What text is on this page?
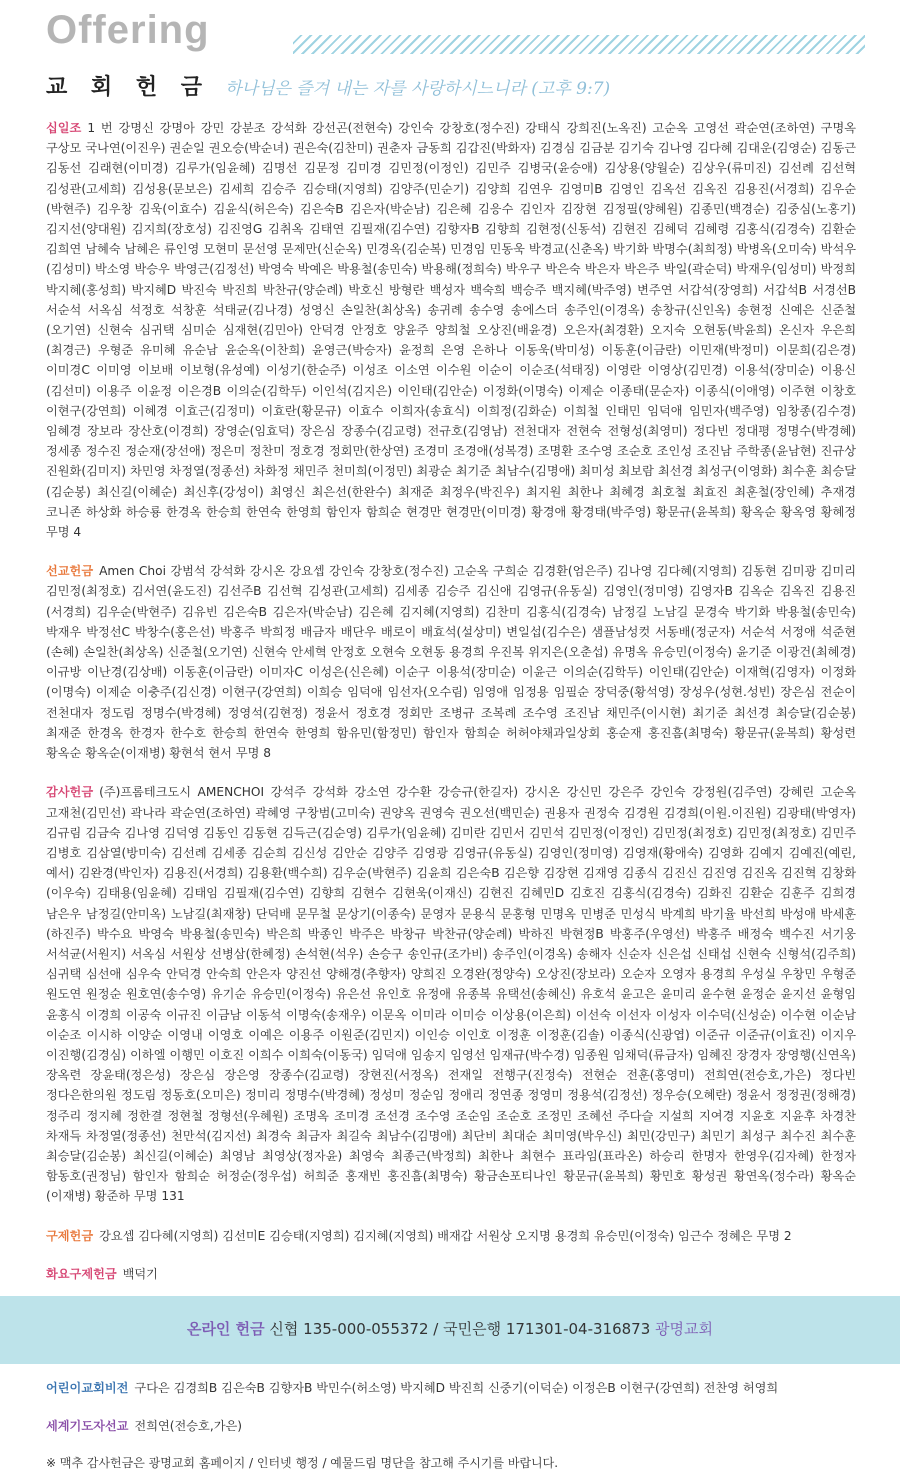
Offering
교 회 헌 금 하나님은 즐겨 내는 자를 사랑하시느니라 (고후 9:7)
십일조 1 번 강명신 강명아 강민 강분조 강석화 강선곤(전현숙) 강인숙 강창호(정수진) 강태식 강희진(노옥진) 고순옥 고영선 곽순연(조하연) 구명옥 구상모 국나연(이진우) 권순일 권오승(박순녀) 권은숙(김찬미) 권춘자 금동희 김갑진(박화자) 김경심 김금분 김기숙 김나영 김다혜 김대운(김영순) 김동근 김동선 김래현(이미경) 김루가(임윤혜) 김명선 김문정 김미경 김민정(이정인) 김민주 김병국(윤승애) 김상용(양월순) 김상우(류미진) 김선례 김선혁 김성관(고세희) 김성용(문보은) 김세희 김승주 김승태(지영희) 김양주(민순기) 김양희 김연우 김영미B 김영인 김옥선 김옥진 김용진(서경희) 김우순(박현주) 김우창 김욱(이효수) 김윤식(허은숙) 김은숙B 김은자(박순남) 김은혜 김응수 김인자 김장현 김정필(양혜원) 김종민(백경순) 김중심(노홍기) 김지선(양대원) 김지희(장호성) 김진영G 김취옥 김태연 김필재(김수연) 김향자B 김향희 김현정(신동석) 김현진 김혜덕 김혜령 김홍식(김경숙) 김환순 김희연 남혜숙 남혜은 류인영 모현미 문선영 문제만(신순옥) 민경옥(김순복) 민경임 민동욱 박경교(신춘옥) 박기화 박명수(최희정) 박병옥(오미숙) 박석우(김성미) 박소영 박승우 박영근(김정선) 박영숙 박예은 박용철(송민숙) 박용해(정희숙) 박우구 박은숙 박은자 박은주 박일(곽순덕) 박재우(임성미) 박정희 박지혜(홍성희) 박지혜D 박진숙 박진희 박찬규(양순례) 박호신 방형란 백성자 백숙희 백승주 백지혜(박주영) 변주연 서갑석(장영희) 서갑석B 서경선B 서순석 서옥심 석정호 석창훈 석태균(김나경) 성영신 손일찬(최상옥) 송귀례 송수영 송에스더 송주인(이경옥) 송창규(신인옥) 송현정 신예은 신준철(오기연) 신현숙 심귀택 심미순 심재현(김민아) 안덕경 안정호 양윤주 양희철 오상진(배윤경) 오은자(최경환) 오지숙 오현동(박윤희) 온신자 우은희(최경근) 우형준 유미혜 유순남 윤순옥(이찬희) 윤영근(박승자) 윤정희 은영 은하나 이동욱(박미성) 이동훈(이금란) 이민재(박정미) 이문희(김은경) 이미경C 이미영 이보배 이보형(유성예) 이성기(한순주) 이성조 이소연 이수원 이순이 이순조(석태징) 이영란 이영상(김민경) 이용석(장미순) 이용신(김선미) 이용주 이윤정 이은경B 이의순(김학두) 이인석(김지은) 이인태(김안순) 이정화(이명숙) 이제순 이종태(문순자) 이종식(이애영) 이주현 이창호 이현구(강연희) 이혜경 이효근(김정미) 이효란(황문규) 이효수 이희자(송효식) 이희정(김화순) 이희철 인태민 임덕애 임민자(백주영) 임창종(김수경) 임혜경 장보라 장산호(이경희) 장영순(임효덕) 장은심 장종수(김교령) 전규호(김영남) 전천대자 전현숙 전형성(최영미) 정다빈 정대평 정명수(박경혜) 정세종 정수진 정순재(장선애) 정은미 정찬미 정호경 정회만(한상연) 조경미 조경애(성복경) 조명환 조수영 조순호 조인성 조진남 주학종(윤남현) 진규상 진원화(김미지) 차민영 차정열(정종선) 차화정 채민주 천미희(이정민) 최광순 최기준 최남수(김명애) 최미성 최보람 최선경 최성구(이영화) 최수훈 최승달(김순봉) 최신길(이혜순) 최신후(강성이) 최영신 최은선(한완수) 최재준 최정우(박진우) 최지원 최한나 최혜경 최호철 최효진 최훈철(장인혜) 추재경 코니존 하상화 하승룡 한경옥 한승희 한연숙 한영희 함인자 함희순 현경만 현경만(이미경) 황경애 황경태(박주영) 황문규(윤복희) 황옥순 황옥영 황혜정 무명 4
선교헌금 Amen Choi 강범석 강석화 강시온 강요셉 강인숙 강창호(정수진) 고순옥 구희순 김경환(엄은주) 김나영 김다혜(지영희) 김동현 김미광 김미리 김민정(최정호) 김서연(윤도진) 김선주B 김선혁 김성관(고세희) 김세종 김승주 김신애 김영규(유동실) 김영인(정미영) 김영자B 김옥순 김옥진 김용진(서경희) 김우순(박현주) 김유빈 김은숙B 김은자(박순남) 김은혜 김지혜(지영희) 김찬미 김홍식(김경숙) 남정길 노남길 문경숙 박기화 박용철(송민숙) 박재우 박정선C 박창수(홍은선) 박홍주 박희정 배금자 배단우 배로이 배효석(설상미) 변일섭(김수은) 샘플남성컷 서동배(정군자) 서순석 서정애 석준현(손혜) 손일찬(최상옥) 신준철(오기연) 신현숙 안세혁 안정호 오현숙 오현동 용경희 우진복 위지은(오춘섭) 유명옥 유승민(이정숙) 윤기준 이광건(최혜경) 이규방 이난경(김상배) 이동훈(이금란) 이미자C 이성은(신은혜) 이순구 이용석(장미순) 이윤근 이의순(김학두) 이인태(김안순) 이재혁(김영자) 이정화(이명숙) 이제순 이충주(김신경) 이현구(강연희) 이희승 임덕애 임선자(오수림) 임영애 임정용 임필순 장덕중(황석영) 장성우(성현.성빈) 장은심 전순이 전천대자 정도림 정명수(박경혜) 정영석(김현정) 정윤서 정호경 정회만 조병규 조복례 조수영 조진남 채민주(이시현) 최기준 최선경 최승달(김순봉) 최재준 한경옥 한경자 한수호 한승희 한연숙 한영희 함유민(함정민) 함인자 함희순 허허야채과일상회 홍순재 홍진흠(최명숙) 황문규(윤복희) 황성련 황옥순 황옥순(이재병) 황현석 현서 무명 8
감사헌금 (주)프롬테크도시 AMENCHOI 강석주 강석화 강소연 강수환 강승규(한길자) 강시온 강신민 강은주 강인숙 강정원(김주연) 강혜린 고순옥 고재천(김민선) 곽나라 곽순연(조하연) 곽혜영 구창범(고미숙) 권양옥 권영숙 권오선(백민순) 권용자 권정숙 김경원 김경희(이원.이진원) 김광태(박영자) 김규림 김금숙 김나영 김덕영 김동인 김동현 김득근(김순영) 김루가(임윤혜) 김미란 김민서 김민석 김민정(이정인) 김민정(최정호) 김민정(최정호) 김민주 김병호 김삼열(방미숙) 김선례 김세종 김순희 김신성 김안순 김양주 김영광 김영규(유동실) 김영인(정미영) 김영재(황애숙) 김영화 김예지 김예진(예린,예서) 김완경(박인자) 김용진(서경희) 김용환(백수희) 김우순(박현주) 김윤희 김은숙B 김은향 김장현 김재영 김종식 김진신 김진영 김진옥 김진혁 김창화(이우숙) 김태용(임윤혜) 김태임 김필재(김수연) 김향희 김현수 김현욱(이재신) 김현진 김혜민D 김호진 김홍식(김경숙) 김화진 김환순 김훈주 김희경 남은우 남정길(안미옥) 노남길(최재창) 단덕배 문무철 문상기(이종숙) 문영자 문용식 문홍형 민명옥 민병준 민성식 박계희 박기율 박선희 박성애 박세훈(하진주) 박수요 박영숙 박용철(송민숙) 박은희 박종인 박주은 박창규 박찬규(양순례) 박하진 박현정B 박홍주(우영선) 박홍주 배정숙 백수진 서기웅 서석균(서원지) 서옥심 서원상 선병삼(한혜정) 손석현(석우) 손승구 송인규(조가비) 송주인(이경옥) 송해자 신순자 신은섭 신태섭 신현숙 신형석(김주희) 심귀택 심선애 심우숙 안덕경 안숙희 안은자 양진선 양해경(추향자) 양희진 오경완(정양숙) 오상진(장보라) 오순자 오영자 용경희 우성실 우창민 우형준 원도연 원정순 원호연(송수영) 유기순 유승민(이정숙) 유은선 유인호 유정애 유종복 유택선(송혜신) 유호석 윤고은 윤미리 윤수현 윤정순 윤지선 윤형임 윤홍식 이경희 이공숙 이규진 이금남 이동석 이명숙(송재우) 이문옥 이미라 이미승 이상용(이은희) 이선숙 이선자 이성자 이수덕(신성순) 이수현 이순남 이순조 이시하 이양순 이영내 이영호 이예은 이용주 이원준(김민지) 이인승 이인호 이정훈 이정훈(김솔) 이종식(신광엽) 이준규 이준규(이효진) 이지우 이진행(김경심) 이하엘 이행민 이호진 이희수 이희숙(이동국) 임덕애 임송지 임영선 임재규(박수경) 임종원 임채덕(류금자) 임혜진 장경자 장영행(신연옥) 장옥련 장윤태(정은성) 장은심 장은영 장종수(김교령) 장현진(서정옥) 전재일 전행구(진정숙) 전현순 전훈(홍영미) 전희연(전승호,가은) 정다빈 정다은한의원 정도림 정동호(오미은) 정미리 정명수(박경혜) 정성미 정순임 정애리 정연종 정영미 정용석(김정선) 정우승(오혜란) 정윤서 정정권(정해경) 정주리 정지혜 정한결 정현철 정형선(우혜원) 조명옥 조미경 조선경 조수영 조순임 조순호 조정민 조혜선 주다슬 지설희 지여경 지윤호 지윤후 차경찬 차재득 차정열(정종선) 천만석(김지선) 최경숙 최금자 최길숙 최남수(김명애) 최단비 최대순 최미영(박우신) 최민(강민구) 최민기 최성구 최수진 최수훈 최승달(김순봉) 최신길(이혜순) 최영남 최영상(정자윤) 최영숙 최종근(박정희) 최한나 최현수 표라임(표라온) 하승리 한명자 한영우(김자혜) 한정자 함동호(권정님) 함인자 함희순 허정순(정우섭) 허희준 홍재빈 홍진흠(최명숙) 황금손포티나인 황문규(윤복희) 황민호 황성권 황연옥(정수라) 황옥순(이재병) 황준하 무명 131
구제헌금 강요셉 김다혜(지영희) 김선미E 김승태(지영희) 김지혜(지영희) 배재갑 서원상 오지명 용경희 유승민(이정숙) 임근수 정혜은 무명 2
화요구제헌금 백덕기
어린이교회비전 구다은 김경희B 김은숙B 김향자B 박민수(허소영) 박지혜D 박진희 신중기(이덕순) 이정은B 이현구(강연희) 전찬영 허영희
세계기도자선교 전희연(전승호,가은)
※ 맥추 감사헌금은 광명교회 홈페이지 / 인터넷 행정 / 예물드림 명단을 참고해 주시기를 바랍니다.
온라인 헌금 신협 135-000-055372 / 국민은행 171301-04-316873 광명교회
